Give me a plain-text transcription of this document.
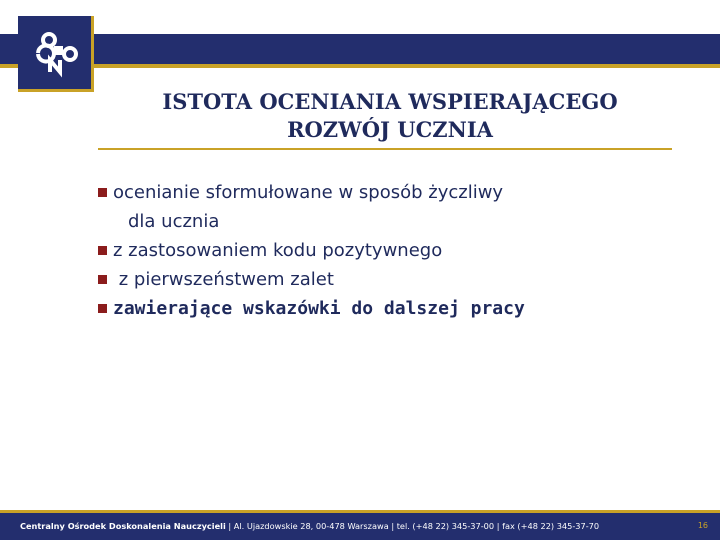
ISTOTA OCENIANIA WSPIERAJĄCEGO
ROZWÓJ UCZNIA
ocenianie sformułowane w sposób życzliwy
dla ucznia
z zastosowaniem kodu pozytywnego
z pierwszeństwem zalet
zawierające wskazówki do dalszej pracy
Centralny Ośrodek Doskonalenia Nauczycieli | Al. Ujazdowskie 28, 00-478 Warszawa | tel. (+48 22) 345-37-00 | fax (+48 22) 345-37-70	16
